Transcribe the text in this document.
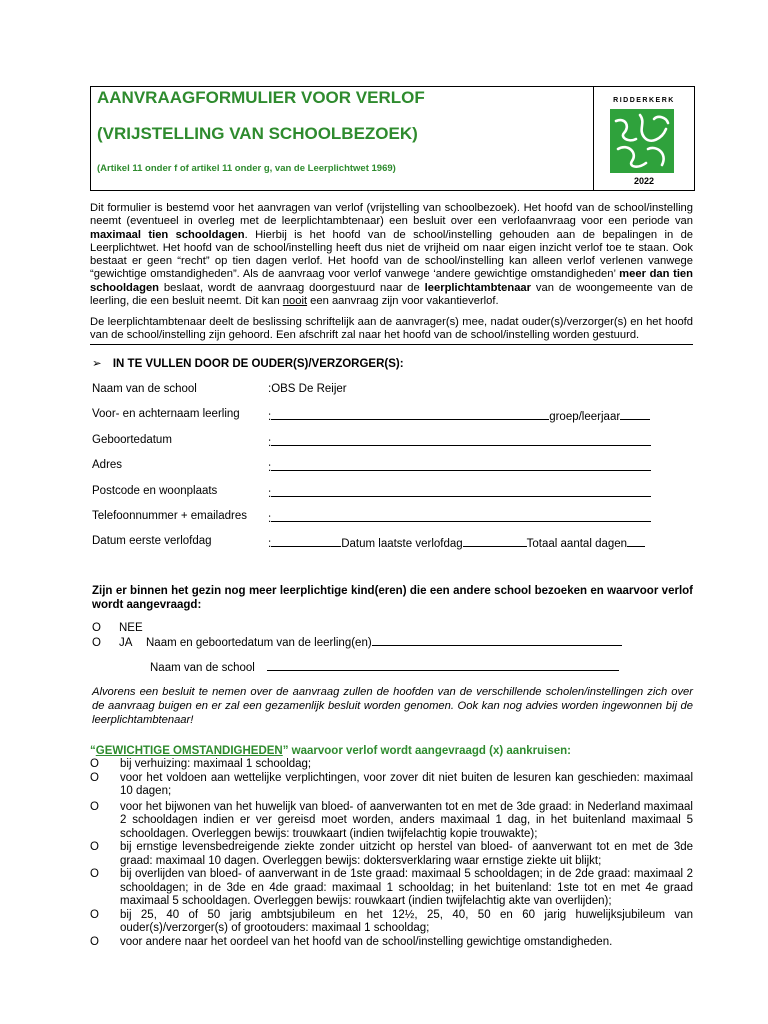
AANVRAAGFORMULIER VOOR VERLOF
(VRIJSTELLING VAN SCHOOLBEZOEK)
(Artikel 11 onder f of artikel 11 onder g, van de Leerplichtwet 1969)
RIDDERKERK
2022
Dit formulier is bestemd voor het aanvragen van verlof (vrijstelling van schoolbezoek). Het hoofd van de school/instelling neemt (eventueel in overleg met de leerplichtambtenaar) een besluit over een verlofaanvraag voor een periode van maximaal tien schooldagen. Hierbij is het hoofd van de school/instelling gehouden aan de bepalingen in de Leerplichtwet. Het hoofd van de school/instelling heeft dus niet de vrijheid om naar eigen inzicht verlof toe te staan. Ook bestaat er geen “recht” op tien dagen verlof. Het hoofd van de school/instelling kan alleen verlof verlenen vanwege “gewichtige omstandigheden”. Als de aanvraag voor verlof vanwege ‘andere gewichtige omstandigheden’ meer dan tien schooldagen beslaat, wordt de aanvraag doorgestuurd naar de leerplichtambtenaar van de woongemeente van de leerling, die een besluit neemt. Dit kan nooit een aanvraag zijn voor vakantieverlof.
De leerplichtambtenaar deelt de beslissing schriftelijk aan de aanvrager(s) mee, nadat ouder(s)/verzorger(s) en het hoofd van de school/instelling zijn gehoord. Een afschrift zal naar het hoofd van de school/instelling worden gestuurd.
➢ IN TE VULLEN DOOR DE OUDER(S)/VERZORGER(S):
Naam van de school	:OBS De Reijer
Voor- en achternaam leerling :	groep/leerjaar
Geboortedatum	:
Adres	:
Postcode en woonplaats	:
Telefoonnummer + emailadres :
Datum eerste verlofdag	:	Datum laatste verlofdag	Totaal aantal dagen
Zijn er binnen het gezin nog meer leerplichtige kind(eren) die een andere school bezoeken en waarvoor verlof wordt aangevraagd:
O NEE
O JA Naam en geboortedatum van de leerling(en)
Naam van de school
Alvorens een besluit te nemen over de aanvraag zullen de hoofden van de verschillende scholen/instellingen zich over de aanvraag buigen en er zal een gezamenlijk besluit worden genomen. Ook kan nog advies worden ingewonnen bij de leerplichtambtenaar!
“GEWICHTIGE OMSTANDIGHEDEN” waarvoor verlof wordt aangevraagd (x) aankruisen:
O	bij verhuizing: maximaal 1 schooldag;
O	voor het voldoen aan wettelijke verplichtingen, voor zover dit niet buiten de lesuren kan geschieden: maximaal 10 dagen;
O	voor het bijwonen van het huwelijk van bloed- of aanverwanten tot en met de 3de graad: in Nederland maximaal 2 schooldagen indien er ver gereisd moet worden, anders maximaal 1 dag, in het buitenland maximaal 5 schooldagen. Overleggen bewijs: trouwkaart (indien twijfelachtig kopie trouwakte);
O	bij ernstige levensbedreigende ziekte zonder uitzicht op herstel van bloed- of aanverwant tot en met de 3de graad: maximaal 10 dagen. Overleggen bewijs: doktersverklaring waar ernstige ziekte uit blijkt;
O	bij overlijden van bloed- of aanverwant in de 1ste graad: maximaal 5 schooldagen; in de 2de graad: maximaal 2 schooldagen; in de 3de en 4de graad: maximaal 1 schooldag; in het buitenland: 1ste tot en met 4e graad maximaal 5 schooldagen. Overleggen bewijs: rouwkaart (indien twijfelachtig akte van overlijden);
O	bij 25, 40 of 50 jarig ambtsjubileum en het 12½, 25, 40, 50 en 60 jarig huwelijksjubileum van ouder(s)/verzorger(s) of grootouders: maximaal 1 schooldag;
O	voor andere naar het oordeel van het hoofd van de school/instelling gewichtige omstandigheden.
